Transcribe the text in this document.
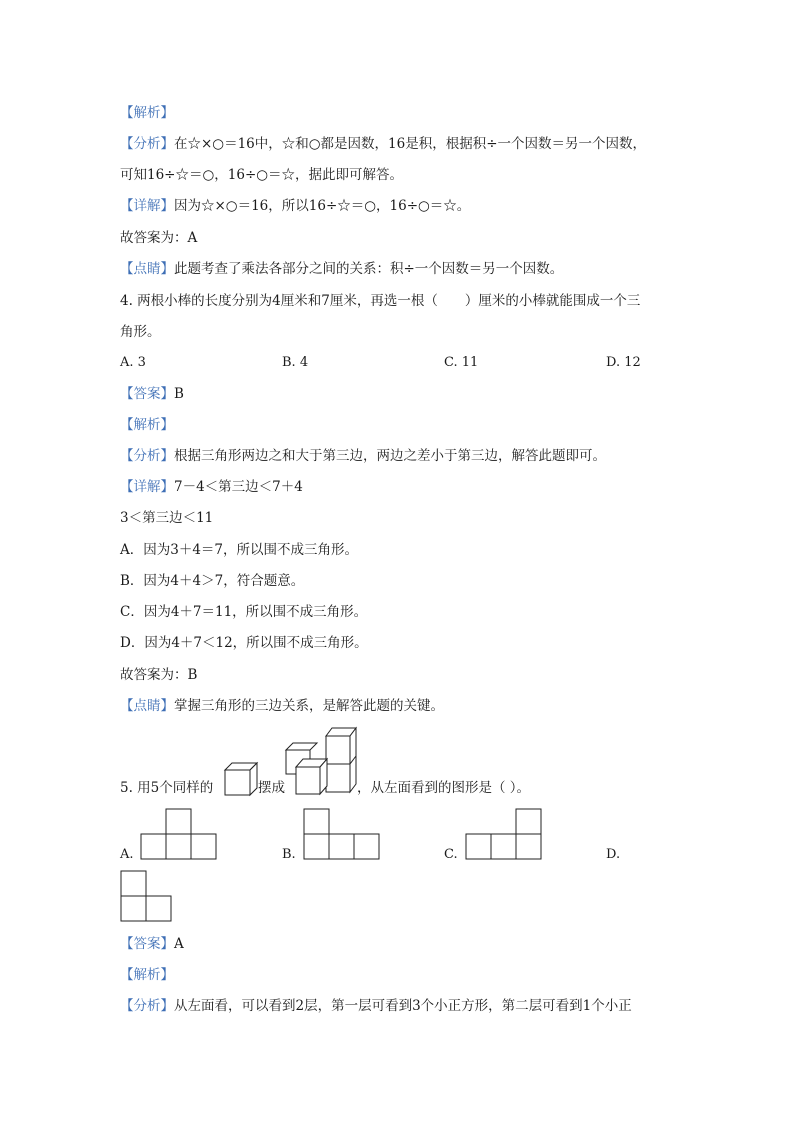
【解析】
【分析】在☆×○＝16中，☆和○都是因数，16是积，根据积÷一个因数＝另一个因数，
可知16÷☆＝○，16÷○＝☆，据此即可解答。
【详解】因为☆×○＝16，所以16÷☆＝○，16÷○＝☆。
故答案为：A
【点睛】此题考查了乘法各部分之间的关系：积÷一个因数＝另一个因数。
4. 两根小棒的长度分别为4厘米和7厘米，再选一根（　　）厘米的小棒就能围成一个三
角形。
A. 3	B. 4	C. 11	D. 12
【答案】B
【解析】
【分析】根据三角形两边之和大于第三边，两边之差小于第三边，解答此题即可。
【详解】7－4＜第三边＜7＋4
3＜第三边＜11
A．因为3＋4＝7，所以围不成三角形。
B．因为4＋4＞7，符合题意。
C．因为4＋7＝11，所以围不成三角形。
D．因为4＋7＜12，所以围不成三角形。
故答案为：B
【点睛】掌握三角形的三边关系，是解答此题的关键。
5. 用5个同样的	摆成	，从左面看到的图形是（ ）。
A.	B.	C.	D.
【答案】A
【解析】
【分析】从左面看，可以看到2层，第一层可看到3个小正方形，第二层可看到1个小正
